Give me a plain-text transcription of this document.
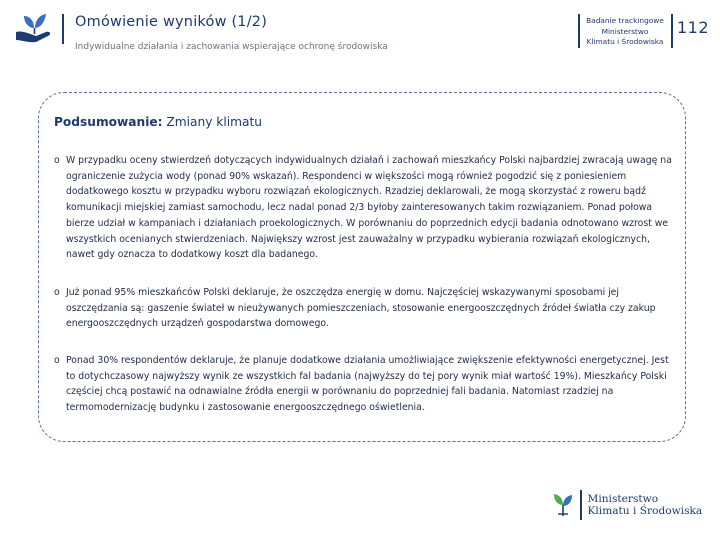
Omówienie wyników (1/2)
Indywidualne działania i zachowania wspierające ochronę środowiska
Badanie trackingowe
Ministerstwo
Klimatu i Środowiska
112
Podsumowanie: Zmiany klimatu
o W przypadku oceny stwierdzeń dotyczących indywidualnych działań i zachowań mieszkańcy Polski najbardziej zwracają uwagę na ograniczenie zużycia wody (ponad 90% wskazań). Respondenci w większości mogą również pogodzić się z poniesieniem dodatkowego kosztu w przypadku wyboru rozwiązań ekologicznych. Rzadziej deklarowali, że mogą skorzystać z roweru bądź komunikacji miejskiej zamiast samochodu, lecz nadal ponad 2/3 byłoby zainteresowanych takim rozwiązaniem. Ponad połowa bierze udział w kampaniach i działaniach proekologicznych. W porównaniu do poprzednich edycji badania odnotowano wzrost we wszystkich ocenianych stwierdzeniach. Największy wzrost jest zauważalny w przypadku wybierania rozwiązań ekologicznych, nawet gdy oznacza to dodatkowy koszt dla badanego.
o Już ponad 95% mieszkańców Polski deklaruje, że oszczędza energię w domu. Najczęściej wskazywanymi sposobami jej oszczędzania są: gaszenie świateł w nieużywanych pomieszczeniach, stosowanie energooszczędnych źródeł światła czy zakup energooszczędnych urządzeń gospodarstwa domowego.
o Ponad 30% respondentów deklaruje, że planuje dodatkowe działania umożliwiające zwiększenie efektywności energetycznej. Jest to dotychczasowy najwyższy wynik ze wszystkich fal badania (najwyższy do tej pory wynik miał wartość 19%). Mieszkańcy Polski częściej chcą postawić na odnawialne źródła energii w porównaniu do poprzedniej fali badania. Natomiast rzadziej na termomodernizację budynku i zastosowanie energooszczędnego oświetlenia.
Ministerstwo
Klimatu i Środowiska
